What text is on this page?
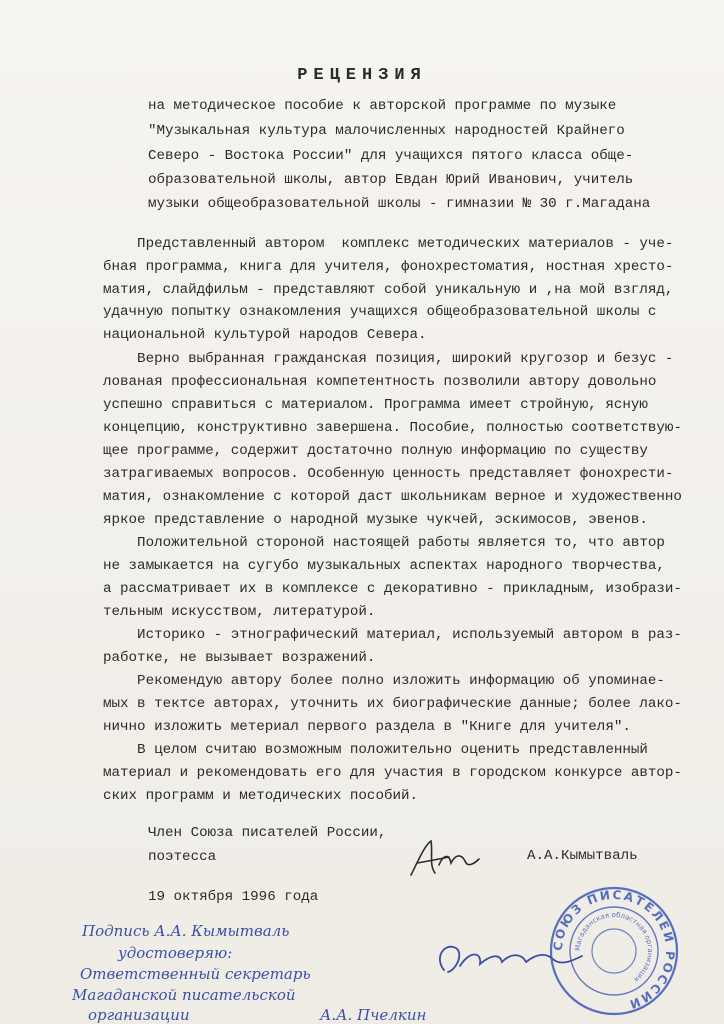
РЕЦЕНЗИЯ
на методическое пособие к авторской программе по музыке
"Музыкальная культура малочисленных народностей Крайнего
Северо - Востока России" для учащихся пятого класса обще-
образовательной школы, автор Евдан Юрий Иванович, учитель
музыки общеобразовательной школы - гимназии № 30 г.Магадана
Представленный автором  комплекс методических материалов - уче-
бная программа, книга для учителя, фонохрестоматия, ностная хресто-
матия, слайдфильм - представляют собой уникальную и ,на мой взгляд,
удачную попытку ознакомления учащихся общеобразовательной школы с
национальной культурой народов Севера.
Верно выбранная гражданская позиция, широкий кругозор и безус -
лованая профессиональная компетентность позволили автору довольно
успешно справиться с материалом. Программа имеет стройную, ясную
концепцию, конструктивно завершена. Пособие, полностью соответствую-
щее программе, содержит достаточно полную информацию по существу
затрагиваемых вопросов. Особенную ценность представляет фонохрести-
матия, ознакомление с которой даст школьникам верное и художественно
яркое представление о народной музыке чукчей, эскимосов, эвенов.
Положительной стороной настоящей работы является то, что автор
не замыкается на сугубо музыкальных аспектах народного творчества,
а рассматривает их в комплексе с декоративно - прикладным, изобрази-
тельным искусством, литературой.
Историко - этнографический материал, используемый автором в раз-
работке, не вызывает возражений.
Рекомендую автору более полно изложить информацию об упоминае-
мых в тектсе авторах, уточнить их биографические данные; более лако-
нично изложить метериал первого раздела в "Книге для учителя".
В целом считаю возможным положительно оценить представленный
материал и рекомендовать его для участия в городском конкурсе автор-
ских программ и методических пособий.
Член Союза писателей России,
поэтесса	А.А.Кымытваль
19 октября 1996 года
Подпись А.А. Кымытваль
удостоверяю:
Ответственный секретарь
Магаданской писательской
организации	А.А. Пчелкин
СОЮЗ ПИСАТЕЛЕЙ РОССИИ
Магаданская областная организация
